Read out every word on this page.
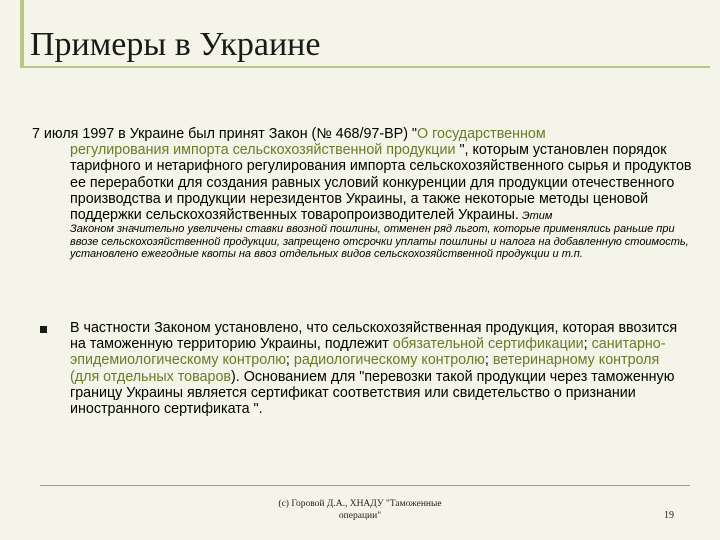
Примеры в Украине
7 июля 1997 в Украине был принят Закон (№ 468/97-ВР) "О государственном
регулирования импорта сельскохозяйственной продукции ", которым установлен порядок тарифного и нетарифного регулирования импорта сельскохозяйственного сырья и продуктов ее переработки для создания равных условий конкуренции для продукции отечественного производства и продукции нерезидентов Украины, а также некоторые методы ценовой поддержки сельскохозяйственных товаропроизводителей Украины. Этим
Законом значительно увеличены ставки ввозной пошлины, отменен ряд льгот, которые применялись раньше при ввозе сельскохозяйственной продукции, запрещено отсрочки уплаты пошлины и налога на добавленную стоимость, установлено ежегодные квоты на ввоз отдельных видов сельскохозяйственной продукции и т.п.
В частности Законом установлено, что сельскохозяйственная продукция, которая ввозится на таможенную территорию Украины, подлежит обязательной сертификации; санитарно-эпидемиологическому контролю; радиологическому контролю; ветеринарному контроля (для отдельных товаров). Основанием для "перевозки такой продукции через таможенную границу Украины является сертификат соответствия или свидетельство о признании иностранного сертификата ".
(с) Горовой Д.А., ХНАДУ "Таможенные
операции"	19
